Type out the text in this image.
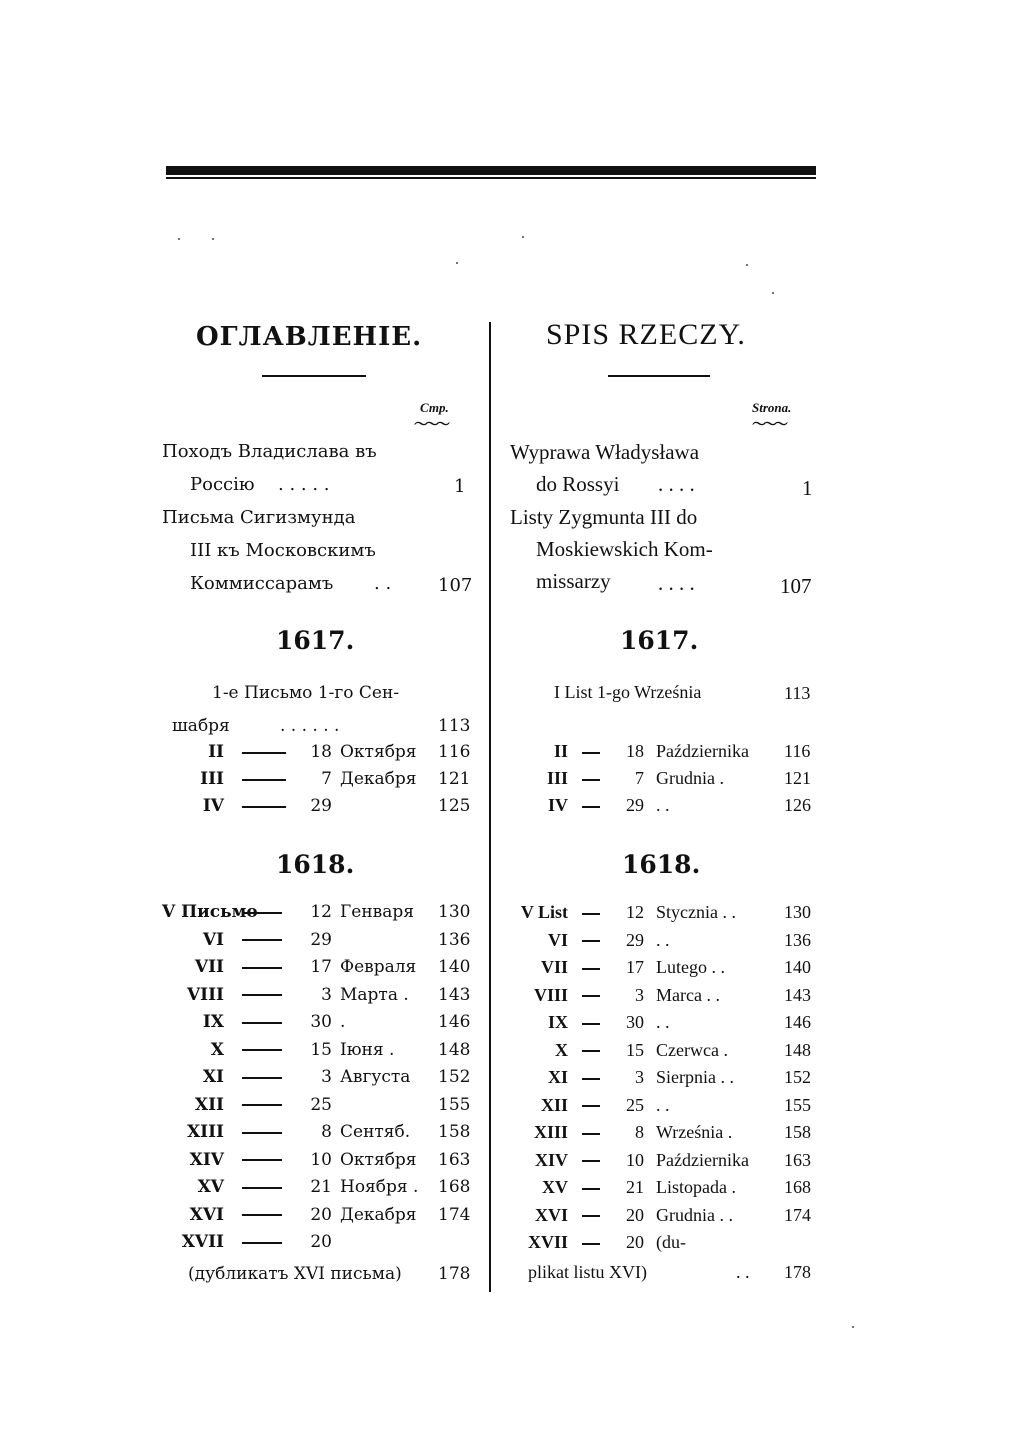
ОГЛАВЛЕНІЕ.
Стр.
〜〜〜
Походъ Владислава въ
Россію . . . . .	1
Письма Сигизмунда
III къ Московскимъ
Коммиссарамъ . .	107
1617.
1-е Письмо 1-го Сен-
шабря	. . . . . .	113
II	18 Октября 116
III	7 Декабря 121
IV	29	125
1618.
V Письмо	12 Генваря 130
VI	29	136
VII	17 Февраля 140
VIII	3 Марта . 143
IX	30 .	146
X	15 Іюня .	148
XI	3 Августа 152
XII	25	155
XIII	8 Сентяб. 158
XIV	10 Октября 163
XV	21 Ноября . 168
XVI	20 Декабря 174
XVII	20
(дубликатъ XVI письма) 178
SPIS RZECZY.
Strona.
〜〜〜
Wyprawa Władysława
do Rossyi . . . .	1
Listy Zygmunta III do
Moskiewskich Kom-
missarzy . . . .	107
1617.
I List 1-go Września	113
II	18 Października 116
III	7 Grudnia .	121
IV	29 . .	126
1618.
V List	12 Stycznia . .	130
VI	29 . .	136
VII	17 Lutego . .	140
VIII	3 Marca . .	143
IX	30 . .	146
X	15 Czerwca .	148
XI	3 Sierpnia . .	152
XII	25 . .	155
XIII	8 Września .	158
XIV	10 Października 163
XV	21 Listopada .	168
XVI	20 Grudnia . .	174
XVII	20 (du-
plikat listu XVI)	. . 178
